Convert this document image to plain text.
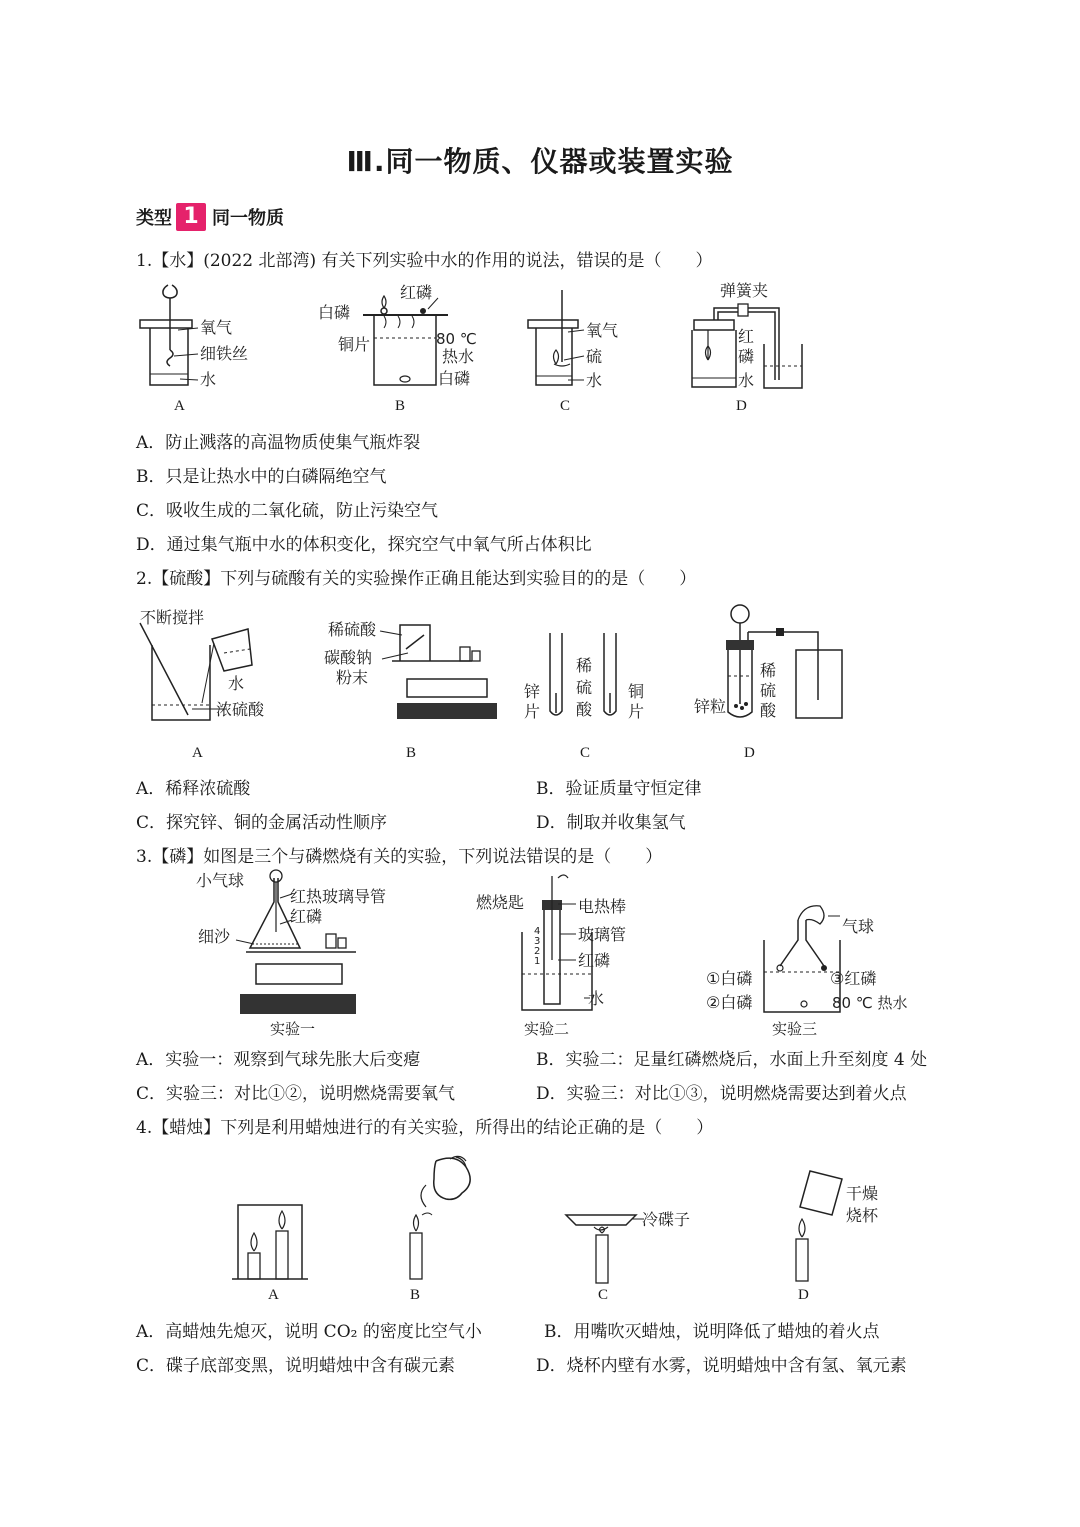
Ⅲ.同一物质、仪器或装置实验
类型 1 同一物质
1.【水】(2022 北部湾) 有关下列实验中水的作用的说法，错误的是（　　）
氧气
细铁丝
水
A
红磷
白磷
铜片	80 ℃
热水
白磷
B
氧气
硫
水
C
弹簧夹
红
磷
水
D
A．防止溅落的高温物质使集气瓶炸裂
B．只是让热水中的白磷隔绝空气
C．吸收生成的二氧化硫，防止污染空气
D．通过集气瓶中水的体积变化，探究空气中氧气所占体积比
2.【硫酸】下列与硫酸有关的实验操作正确且能达到实验目的的是（　　）
不断搅拌
水
浓硫酸
A
稀硫酸
碳酸钠
粉末
B
稀
硫
酸
锌
片
铜
片
C
稀
硫
酸
锌粒
D
A．稀释浓硫酸	B．验证质量守恒定律
C．探究锌、铜的金属活动性顺序	D．制取并收集氢气
3.【磷】如图是三个与磷燃烧有关的实验，下列说法错误的是（　　）
小气球
红热玻璃导管
红磷
细沙
实验一
4
3
2
1
燃烧匙	电热棒
玻璃管
红磷
水
实验二
气球
①白磷	③红磷
②白磷	80 ℃ 热水
实验三
A．实验一：观察到气球先胀大后变瘪	B．实验二：足量红磷燃烧后，水面上升至刻度 4 处
C．实验三：对比①②，说明燃烧需要氧气	D．实验三：对比①③，说明燃烧需要达到着火点
4.【蜡烛】下列是利用蜡烛进行的有关实验，所得出的结论正确的是（　　）
A	B
冷碟子
C
干燥
烧杯
D
A．高蜡烛先熄灭，说明 CO₂ 的密度比空气小	B．用嘴吹灭蜡烛，说明降低了蜡烛的着火点
C．碟子底部变黑，说明蜡烛中含有碳元素	D．烧杯内壁有水雾，说明蜡烛中含有氢、氧元素
